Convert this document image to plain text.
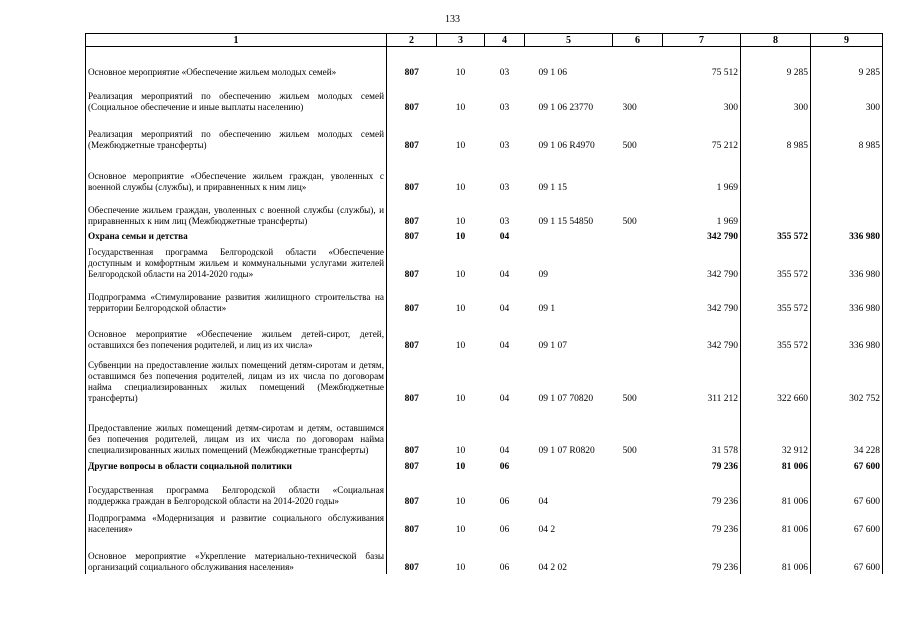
133
1	2	3	4	5	6	7	8	9
Основное мероприятие «Обеспечение жильем молодых семей»	807	10	03	09 1 06		75 512	9 285	9 285
Реализация мероприятий по обеспечению жильем молодых семей (Социальное обеспечение и иные выплаты населению)	807	10	03	09 1 06 23770	300	300	300	300
Реализация мероприятий по обеспечению жильем молодых семей (Межбюджетные трансферты)	807	10	03	09 1 06 R4970	500	75 212	8 985	8 985
Основное мероприятие «Обеспечение жильем граждан, уволенных с военной службы (службы), и приравненных к ним лиц»	807	10	03	09 1 15		1 969		
Обеспечение жильем граждан, уволенных с военной службы (службы), и приравненных к ним лиц (Межбюджетные трансферты)	807	10	03	09 1 15 54850	500	1 969		
Охрана семьи и детства	807	10	04			342 790	355 572	336 980
Государственная программа Белгородской области «Обеспечение доступным и комфортным жильем и коммунальными услугами жителей Белгородской области на 2014-2020 годы»	807	10	04	09		342 790	355 572	336 980
Подпрограмма «Стимулирование развития жилищного строительства на территории Белгородской области»	807	10	04	09 1		342 790	355 572	336 980
Основное мероприятие «Обеспечение жильем детей-сирот, детей, оставшихся без попечения родителей, и лиц из их числа»	807	10	04	09 1 07		342 790	355 572	336 980
Субвенции на предоставление жилых помещений детям-сиротам и детям, оставшимся без попечения родителей, лицам из их числа по договорам найма специализированных жилых помещений (Межбюджетные трансферты)	807	10	04	09 1 07 70820	500	311 212	322 660	302 752
Предоставление жилых помещений детям-сиротам и детям, оставшимся без попечения родителей, лицам из их числа по договорам найма специализированных жилых помещений (Межбюджетные трансферты)	807	10	04	09 1 07 R0820	500	31 578	32 912	34 228
Другие вопросы в области социальной политики	807	10	06			79 236	81 006	67 600
Государственная программа Белгородской области «Социальная поддержка граждан в Белгородской области на 2014-2020 годы»	807	10	06	04		79 236	81 006	67 600
Подпрограмма «Модернизация и развитие социального обслуживания населения»	807	10	06	04 2		79 236	81 006	67 600
Основное мероприятие «Укрепление материально-технической базы организаций социального обслуживания населения»	807	10	06	04 2 02		79 236	81 006	67 600
